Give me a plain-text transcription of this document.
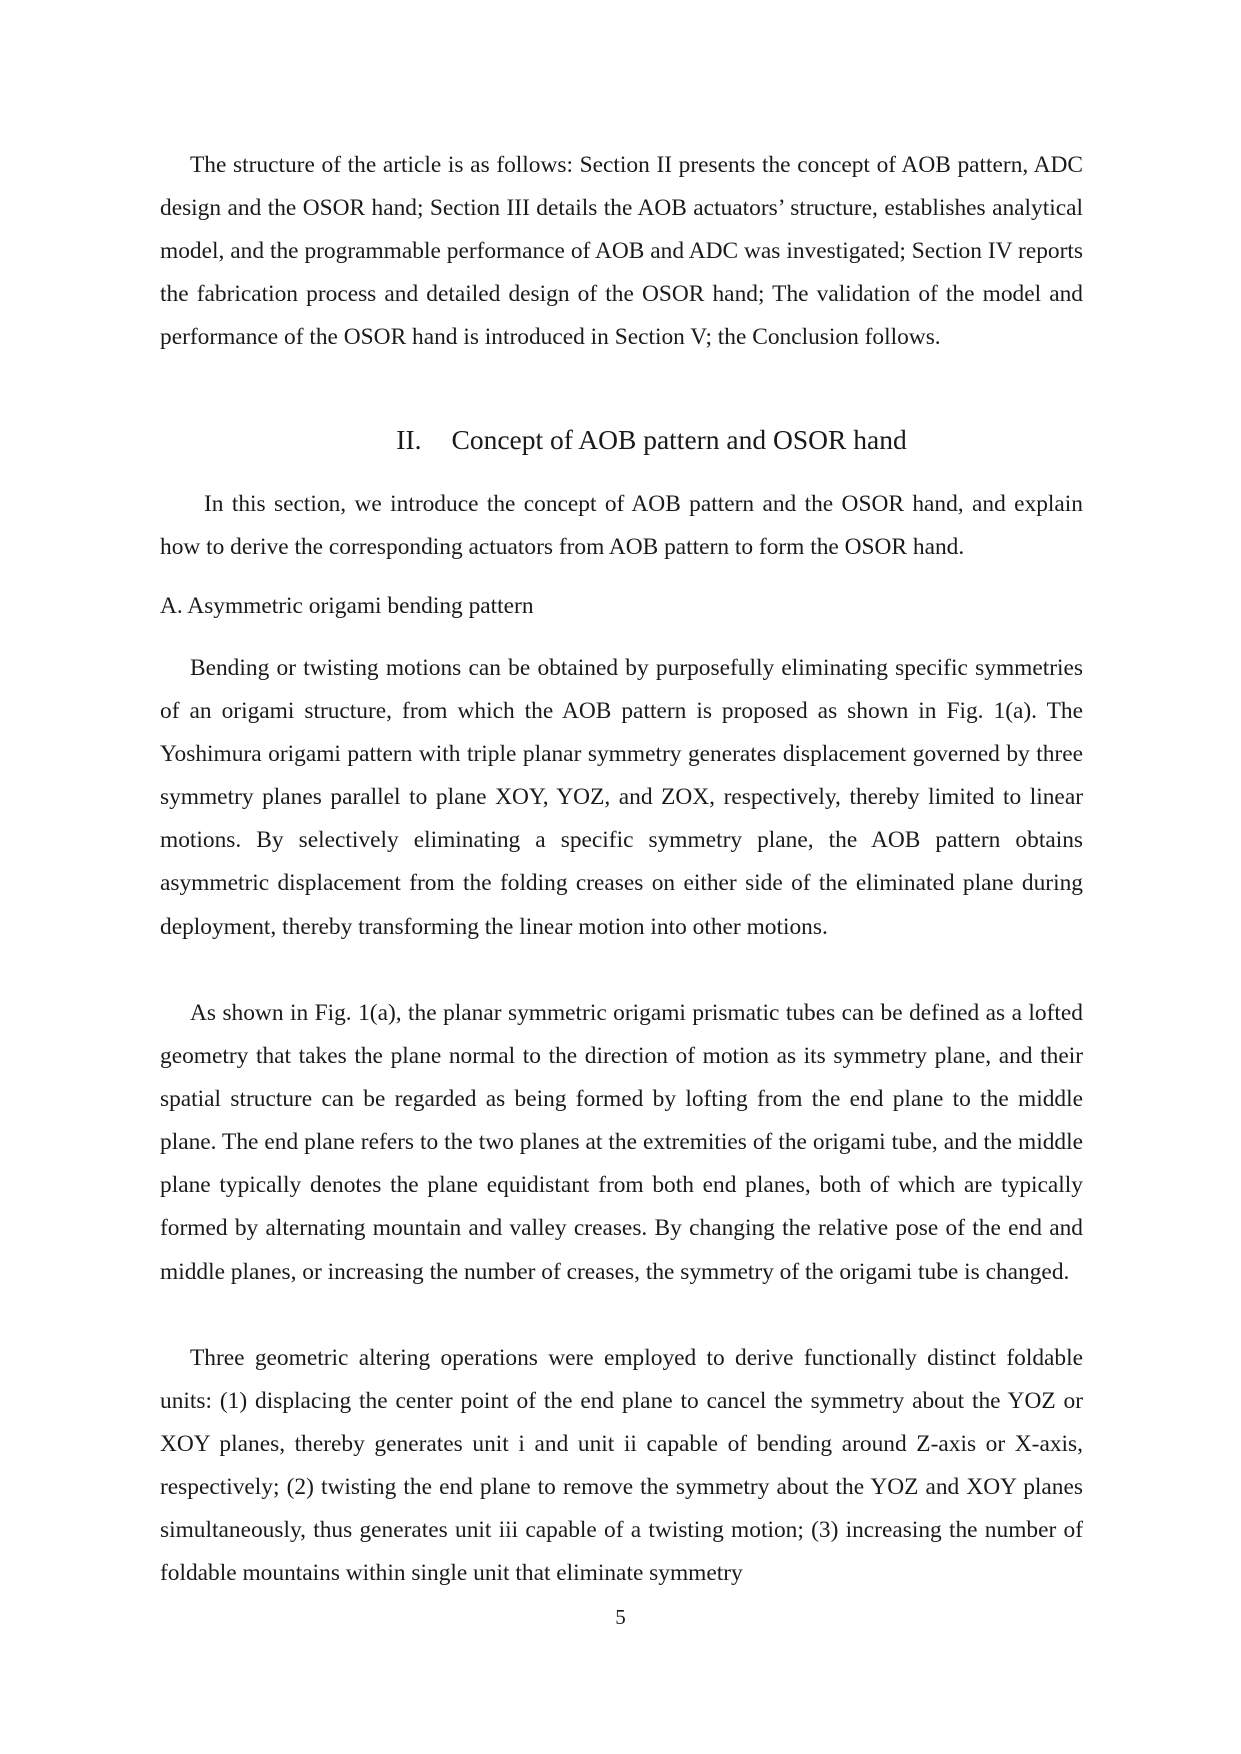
The structure of the article is as follows: Section II presents the concept of AOB pattern, ADC design and the OSOR hand; Section III details the AOB actuators’ structure, establishes analytical model, and the programmable performance of AOB and ADC was investigated; Section IV reports the fabrication process and detailed design of the OSOR hand; The validation of the model and performance of the OSOR hand is introduced in Section V; the Conclusion follows.

II. Concept of AOB pattern and OSOR hand

In this section, we introduce the concept of AOB pattern and the OSOR hand, and explain how to derive the corresponding actuators from AOB pattern to form the OSOR hand.

A. Asymmetric origami bending pattern

Bending or twisting motions can be obtained by purposefully eliminating specific symmetries of an origami structure, from which the AOB pattern is proposed as shown in Fig. 1(a). The Yoshimura origami pattern with triple planar symmetry generates displacement governed by three symmetry planes parallel to plane XOY, YOZ, and ZOX, respectively, thereby limited to linear motions. By selectively eliminating a specific symmetry plane, the AOB pattern obtains asymmetric displacement from the folding creases on either side of the eliminated plane during deployment, thereby transforming the linear motion into other motions.

As shown in Fig. 1(a), the planar symmetric origami prismatic tubes can be defined as a lofted geometry that takes the plane normal to the direction of motion as its symmetry plane, and their spatial structure can be regarded as being formed by lofting from the end plane to the middle plane. The end plane refers to the two planes at the extremities of the origami tube, and the middle plane typically denotes the plane equidistant from both end planes, both of which are typically formed by alternating mountain and valley creases. By changing the relative pose of the end and middle planes, or increasing the number of creases, the symmetry of the origami tube is changed.

Three geometric altering operations were employed to derive functionally distinct foldable units: (1) displacing the center point of the end plane to cancel the symmetry about the YOZ or XOY planes, thereby generates unit i and unit ii capable of bending around Z-axis or X-axis, respectively; (2) twisting the end plane to remove the symmetry about the YOZ and XOY planes simultaneously, thus generates unit iii capable of a twisting motion; (3) increasing the number of foldable mountains within single unit that eliminate symmetry

5
